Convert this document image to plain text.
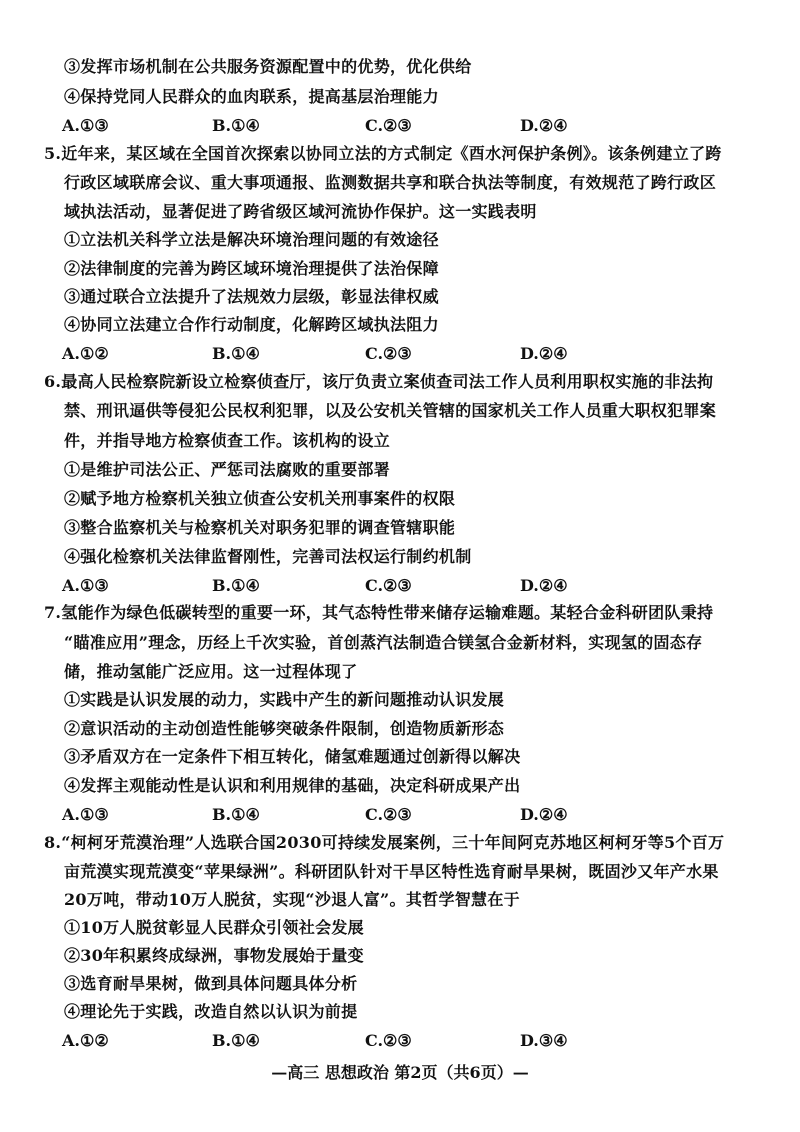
③发挥市场机制在公共服务资源配置中的优势，优化供给
④保持党同人民群众的血肉联系，提高基层治理能力
A.①③	B.①④	C.②③	D.②④
5.近年来，某区域在全国首次探索以协同立法的方式制定《酉水河保护条例》。该条例建立了跨
行政区域联席会议、重大事项通报、监测数据共享和联合执法等制度，有效规范了跨行政区
域执法活动，显著促进了跨省级区域河流协作保护。这一实践表明
①立法机关科学立法是解决环境治理问题的有效途径
②法律制度的完善为跨区域环境治理提供了法治保障
③通过联合立法提升了法规效力层级，彰显法律权威
④协同立法建立合作行动制度，化解跨区域执法阻力
A.①②	B.①④	C.②③	D.②④
6.最高人民检察院新设立检察侦查厅，该厅负责立案侦查司法工作人员利用职权实施的非法拘
禁、刑讯逼供等侵犯公民权利犯罪，以及公安机关管辖的国家机关工作人员重大职权犯罪案
件，并指导地方检察侦查工作。该机构的设立
①是维护司法公正、严惩司法腐败的重要部署
②赋予地方检察机关独立侦查公安机关刑事案件的权限
③整合监察机关与检察机关对职务犯罪的调查管辖职能
④强化检察机关法律监督刚性，完善司法权运行制约机制
A.①③	B.①④	C.②③	D.②④
7.氢能作为绿色低碳转型的重要一环，其气态特性带来储存运输难题。某轻合金科研团队秉持
“瞄准应用”理念，历经上千次实验，首创蒸汽法制造合镁氢合金新材料，实现氢的固态存
储，推动氢能广泛应用。这一过程体现了
①实践是认识发展的动力，实践中产生的新问题推动认识发展
②意识活动的主动创造性能够突破条件限制，创造物质新形态
③矛盾双方在一定条件下相互转化，储氢难题通过创新得以解决
④发挥主观能动性是认识和利用规律的基础，决定科研成果产出
A.①③	B.①④	C.②③	D.②④
8.“柯柯牙荒漠治理”人选联合国2030可持续发展案例，三十年间阿克苏地区柯柯牙等5个百万
亩荒漠实现荒漠变“苹果绿洲”。科研团队针对干旱区特性选育耐旱果树，既固沙又年产水果
20万吨，带动10万人脱贫，实现“沙退人富”。其哲学智慧在于
①10万人脱贫彰显人民群众引领社会发展
②30年积累终成绿洲，事物发展始于量变
③选育耐旱果树，做到具体问题具体分析
④理论先于实践，改造自然以认识为前提
A.①②	B.①④	C.②③	D.③④
—高三 思想政治 第2页（共6页）—
